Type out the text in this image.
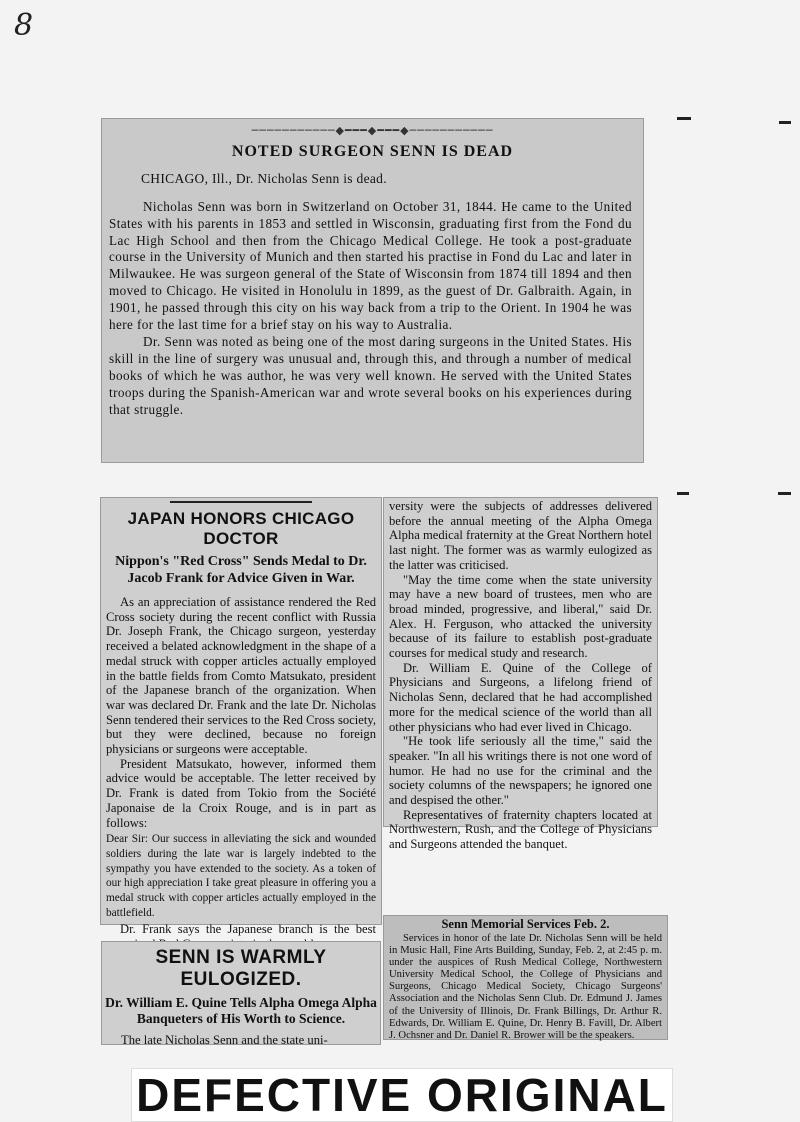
8
───────────◆━━━◆━━━◆───────────
NOTED SURGEON SENN IS DEAD
CHICAGO, Ill., Dr. Nicholas Senn is dead.

Nicholas Senn was born in Switzerland on October 31, 1844. He came to the United States with his parents in 1853 and settled in Wisconsin, graduating first from the Fond du Lac High School and then from the Chicago Medical College. He took a post-graduate course in the University of Munich and then started his practise in Fond du Lac and later in Milwaukee. He was surgeon general of the State of Wisconsin from 1874 till 1894 and then moved to Chicago. He visited in Honolulu in 1899, as the guest of Dr. Galbraith. Again, in 1901, he passed through this city on his way back from a trip to the Orient. In 1904 he was here for the last time for a brief stay on his way to Australia.

Dr. Senn was noted as being one of the most daring surgeons in the United States. His skill in the line of surgery was unusual and, through this, and through a number of medical books of which he was author, he was very well known. He served with the United States troops during the Spanish-American war and wrote several books on his experiences during that struggle.

JAPAN HONORS CHICAGO DOCTOR
Nippon's "Red Cross" Sends Medal to Dr. Jacob Frank for Advice Given in War.

As an appreciation of assistance rendered the Red Cross society during the recent conflict with Russia Dr. Joseph Frank, the Chicago surgeon, yesterday received a belated acknowledgment in the shape of a medal struck with copper articles actually employed in the battle fields from Comto Matsukato, president of the Japanese branch of the organization. When war was declared Dr. Frank and the late Dr. Nicholas Senn tendered their services to the Red Cross society, but they were declined, because no foreign physicians or surgeons were acceptable.

President Matsukato, however, informed them advice would be acceptable. The letter received by Dr. Frank is dated from Tokio from the Société Japonaise de la Croix Rouge, and is in part as follows:

Dear Sir: Our success in alleviating the sick and wounded soldiers during the late war is largely indebted to the sympathy you have extended to the society. As a token of our high appreciation I take great pleasure in offering you a medal struck with copper articles actually employed in the battlefield.

Dr. Frank says the Japanese branch is the best

versity were the subjects of addresses delivered before the annual meeting of the Alpha Omega Alpha medical fraternity at the Great Northern hotel last night. The former was as warmly eulogized as the latter was criticised.

"May the time come when the state university may have a new board of trustees, men who are broad minded, progressive, and liberal," said Dr. Alex. H. Ferguson, who attacked the university because of its failure to establish post-graduate courses for medical study and research.

Dr. William E. Quine of the College of Physicians and Surgeons, a lifelong friend of Nicholas Senn, declared that he had accomplished more for the medical science of the world than all other physicians who had ever lived in Chicago.

"He took life seriously all the time," said the speaker. "In all his writings there is not one word of humor. He had no use for the criminal and the society columns of the newspapers; he ignored one and despised the other."

Representatives of fraternity chapters located at Northwestern, Rush, and the College of Physicians and Surgeons attended the banquet.

Senn Memorial Services Feb. 2.

Services in honor of the late Dr. Nicholas Senn will be held in Music Hall, Fine Arts Building, Sunday, Feb. 2, at 2:45 p. m. under the auspices of Rush Medical College, Northwestern University Medical School, the College of Physicians and Surgeons, Chicago Medical Society, Chicago Surgeons' Association and the Nicholas Senn Club. Dr. Edmund J. James of the University of Illinois, Dr. Frank Billings, Dr. Arthur R. Edwards, Dr. William E. Quine, Dr. Henry B. Favill, Dr. Albert J. Ochsner and Dr. Daniel R. Brower will be the speakers.

SENN IS WARMLY EULOGIZED.
Dr. William E. Quine Tells Alpha Omega Alpha Banqueters of His Worth to Science.

The late Nicholas Senn and the state uni-

DEFECTIVE ORIGINAL
